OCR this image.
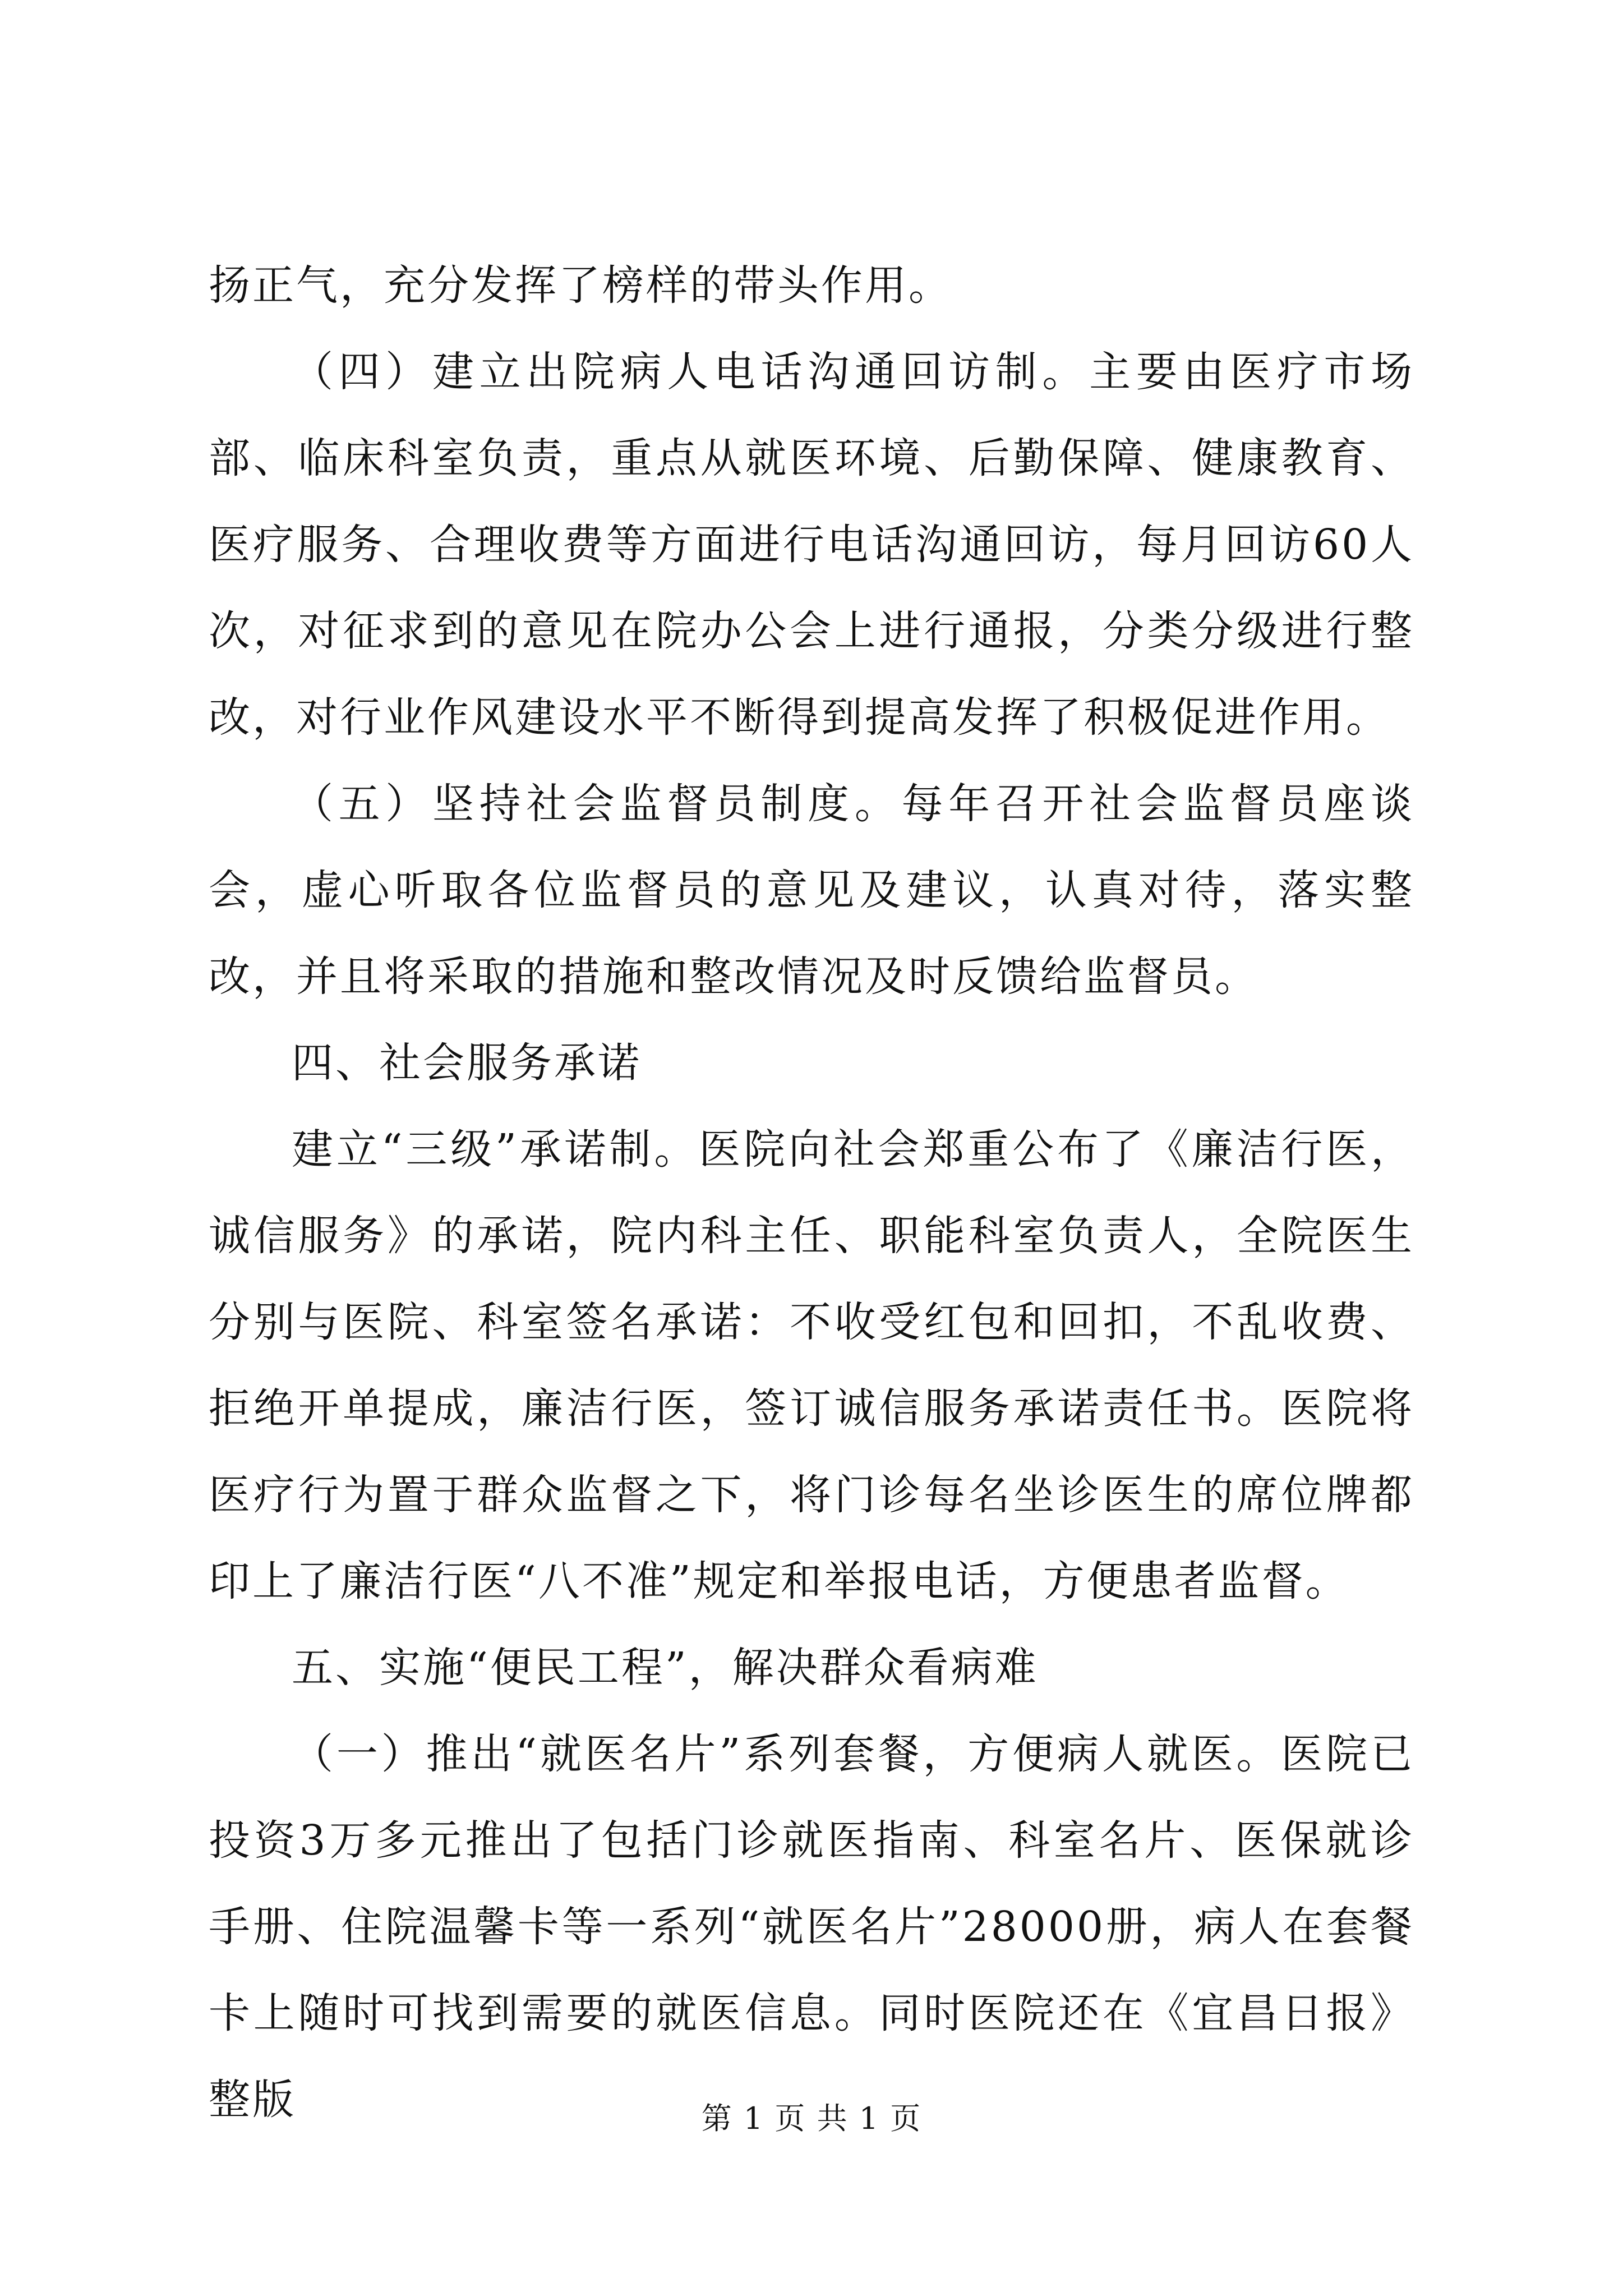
扬正气，充分发挥了榜样的带头作用。

（四）建立出院病人电话沟通回访制。主要由医疗市场部、临床科室负责，重点从就医环境、后勤保障、健康教育、医疗服务、合理收费等方面进行电话沟通回访，每月回访60人次，对征求到的意见在院办公会上进行通报，分类分级进行整改，对行业作风建设水平不断得到提高发挥了积极促进作用。

（五）坚持社会监督员制度。每年召开社会监督员座谈会，虚心听取各位监督员的意见及建议，认真对待，落实整改，并且将采取的措施和整改情况及时反馈给监督员。

四、社会服务承诺

建立“三级”承诺制。医院向社会郑重公布了《廉洁行医，诚信服务》的承诺，院内科主任、职能科室负责人，全院医生分别与医院、科室签名承诺：不收受红包和回扣，不乱收费、拒绝开单提成，廉洁行医，签订诚信服务承诺责任书。医院将医疗行为置于群众监督之下，将门诊每名坐诊医生的席位牌都印上了廉洁行医“八不准”规定和举报电话，方便患者监督。

五、实施“便民工程”，解决群众看病难

（一）推出“就医名片”系列套餐，方便病人就医。医院已投资3万多元推出了包括门诊就医指南、科室名片、医保就诊手册、住院温馨卡等一系列“就医名片”28000册，病人在套餐卡上随时可找到需要的就医信息。同时医院还在《宜昌日报》整版	第 1 页 共 1 页
